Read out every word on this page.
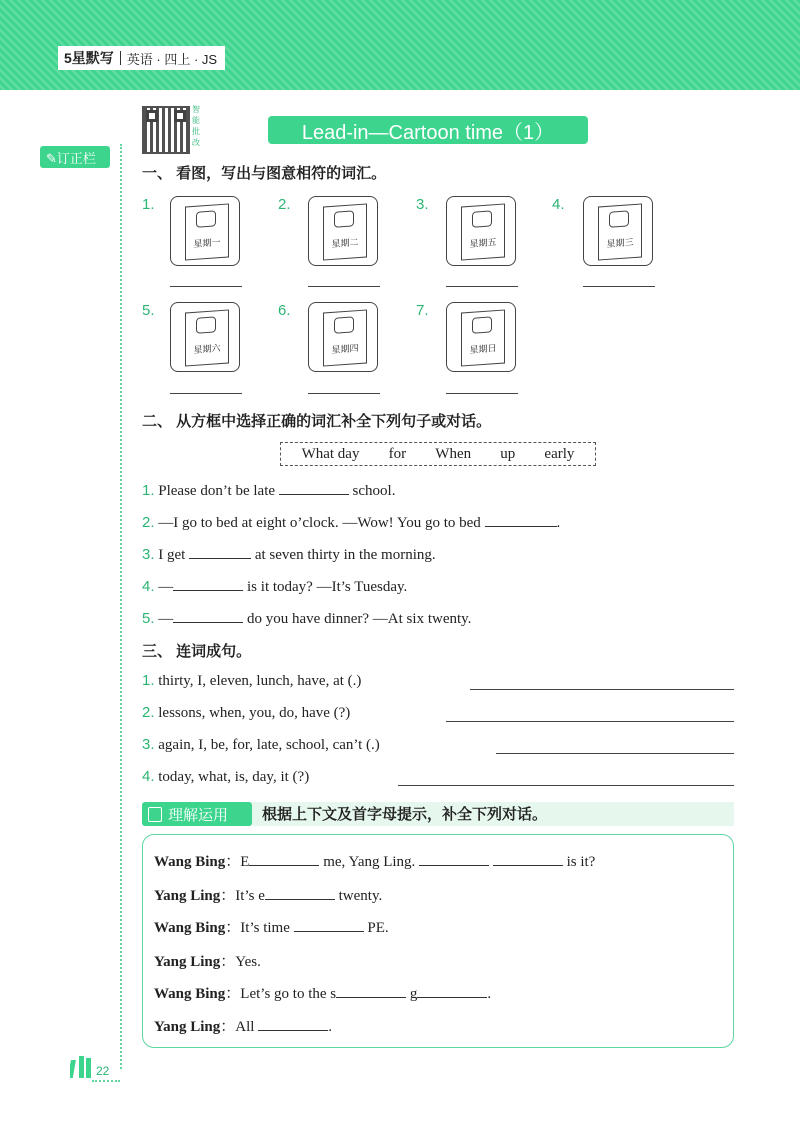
5星默写 英语 · 四上 · JS
智能批改	Lead-in—Cartoon time（1）
✎订正栏
一、 看图，写出与图意相符的词汇。
1.
星期一
2.
星期二
3.
星期五
4.
星期三
5.
星期六
6.
星期四
7.
星期日
二、 从方框中选择正确的词汇补全下列句子或对话。
What day for When up early
1. Please don’t be late	school.
2. —I go to bed at eight o’clock. —Wow! You go to bed	.
3. I get	at seven thirty in the morning.
4. —	is it today? —It’s Tuesday.
5. —	do you have dinner? —At six twenty.
三、 连词成句。
1. thirty, I, eleven, lunch, have, at (.)
2. lessons, when, you, do, have (?)
3. again, I, be, for, late, school, can’t (.)
4. today, what, is, day, it (?)
理解运用 根据上下文及首字母提示，补全下列对话。
Wang Bing：E	me, Yang Ling.	is it?
Yang Ling：It’s e	twenty.
Wang Bing：It’s time	PE.
Yang Ling：Yes.
Wang Bing：Let’s go to the s	g	.
Yang Ling：All	.
22
